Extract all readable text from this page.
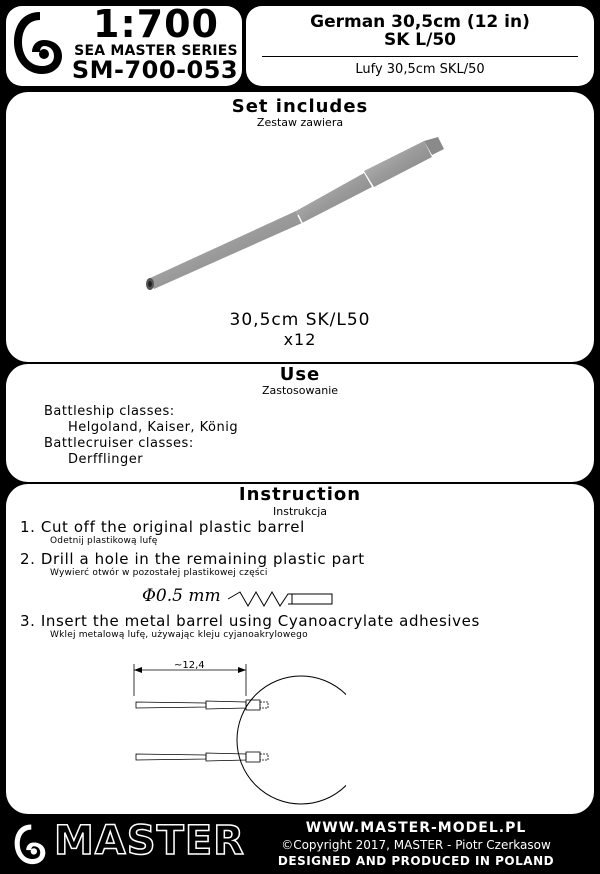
1:700
SEA MASTER SERIES
SM-700-053
German 30,5cm (12 in)
SK L/50
Lufy 30,5cm SKL/50
Set includes
Zestaw zawiera
30,5cm SK/L50
x12
Use
Zastosowanie
Battleship classes:
Helgoland, Kaiser, König
Battlecruiser classes:
Derfflinger
Instruction
Instrukcja
1. Cut off the original plastic barrel
Odetnij plastikową lufę
2. Drill a hole in the remaining plastic part
Wywierć otwór w pozostałej plastikowej części
Φ0.5 mm
3. Insert the metal barrel using Cyanoacrylate adhesives
Wklej metalową lufę, używając kleju cyjanoakrylowego
~12,4
MASTER	WWW.MASTER-MODEL.PL
©Copyright 2017, MASTER - Piotr Czerkasow
DESIGNED AND PRODUCED IN POLAND
